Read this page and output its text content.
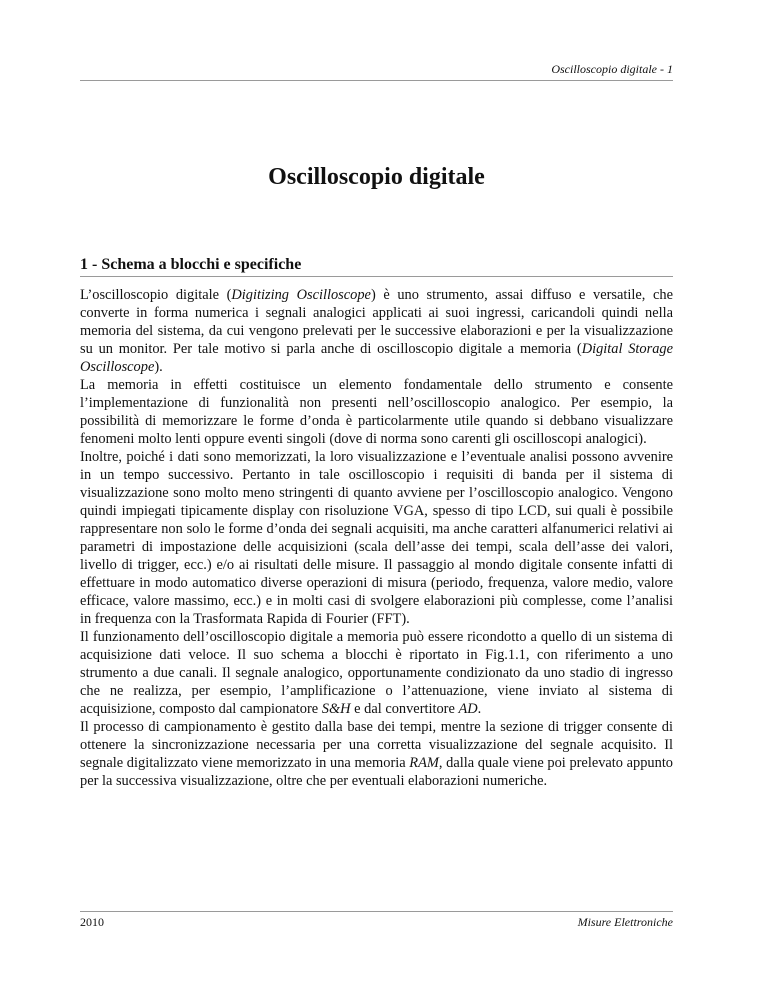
Oscilloscopio digitale - 1
Oscilloscopio digitale
1 - Schema a blocchi e specifiche

L’oscilloscopio digitale (Digitizing Oscilloscope) è uno strumento, assai diffuso e versatile, che converte in forma numerica i segnali analogici applicati ai suoi ingressi, caricandoli quindi nella memoria del sistema, da cui vengono prelevati per le successive elaborazioni e per la visualizzazione su un monitor. Per tale motivo si parla anche di oscilloscopio digitale a memoria (Digital Storage Oscilloscope).

La memoria in effetti costituisce un elemento fondamentale dello strumento e consente l’implementazione di funzionalità non presenti nell’oscilloscopio analogico. Per esempio, la possibilità di memorizzare le forme d’onda è particolarmente utile quando si debbano visualizzare fenomeni molto lenti oppure eventi singoli (dove di norma sono carenti gli oscilloscopi analogici).

Inoltre, poiché i dati sono memorizzati, la loro visualizzazione e l’eventuale analisi possono avvenire in un tempo successivo. Pertanto in tale oscilloscopio i requisiti di banda per il sistema di visualizzazione sono molto meno stringenti di quanto avviene per l’oscilloscopio analogico. Vengono quindi impiegati tipicamente display con risoluzione VGA, spesso di tipo LCD, sui quali è possibile rappresentare non solo le forme d’onda dei segnali acquisiti, ma anche caratteri alfanumerici relativi ai parametri di impostazione delle acquisizioni (scala dell’asse dei tempi, scala dell’asse dei valori, livello di trigger, ecc.) e/o ai risultati delle misure. Il passaggio al mondo digitale consente infatti di effettuare in modo automatico diverse operazioni di misura (periodo, frequenza, valore medio, valore efficace, valore massimo, ecc.) e in molti casi di svolgere elaborazioni più complesse, come l’analisi in frequenza con la Trasformata Rapida di Fourier (FFT).

Il funzionamento dell’oscilloscopio digitale a memoria può essere ricondotto a quello di un sistema di acquisizione dati veloce. Il suo schema a blocchi è riportato in Fig.1.1, con riferimento a uno strumento a due canali. Il segnale analogico, opportunamente condizionato da uno stadio di ingresso che ne realizza, per esempio, l’amplificazione o l’attenuazione, viene inviato al sistema di acquisizione, composto dal campionatore S&H e dal convertitore AD.

Il processo di campionamento è gestito dalla base dei tempi, mentre la sezione di trigger consente di ottenere la sincronizzazione necessaria per una corretta visualizzazione del segnale acquisito. Il segnale digitalizzato viene memorizzato in una memoria RAM, dalla quale viene poi prelevato appunto per la successiva visualizzazione, oltre che per eventuali elaborazioni numeriche.

2010	Misure Elettroniche
